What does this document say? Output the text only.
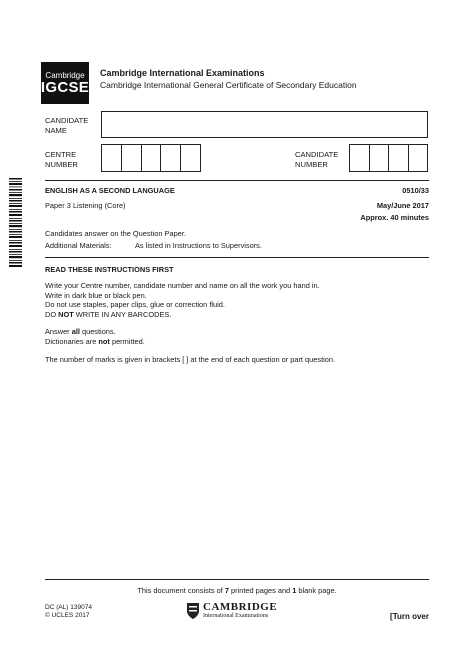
Cambridge
IGCSE
Cambridge International Examinations
Cambridge International General Certificate of Secondary Education
CANDIDATE
NAME
CENTRE
NUMBER
CANDIDATE
NUMBER
ENGLISH AS A SECOND LANGUAGE	0510/33
Paper 3 Listening (Core)	May/June 2017
Approx. 40 minutes
Candidates answer on the Question Paper.
Additional Materials:	As listed in Instructions to Supervisors.
READ THESE INSTRUCTIONS FIRST
Write your Centre number, candidate number and name on all the work you hand in.
Write in dark blue or black pen.
Do not use staples, paper clips, glue or correction fluid.
DO NOT WRITE IN ANY BARCODES.
Answer all questions.
Dictionaries are not permitted.
The number of marks is given in brackets [ ] at the end of each question or part question.
This document consists of 7 printed pages and 1 blank page.
DC (AL) 139074
© UCLES 2017
CAMBRIDGE
International Examinations	[Turn over
